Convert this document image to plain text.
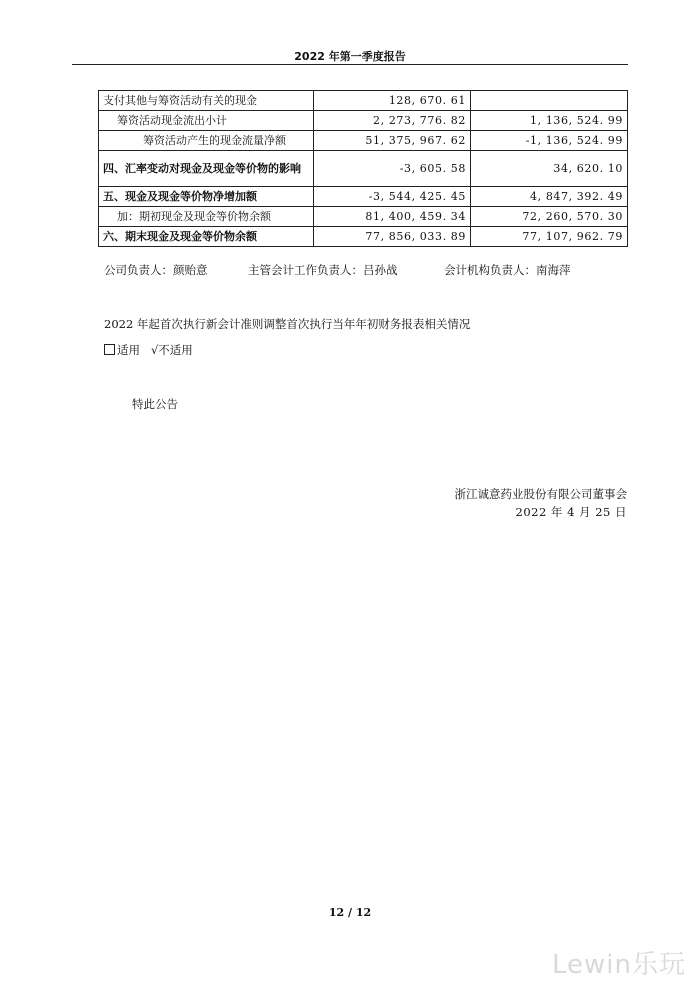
2022 年第一季度报告
支付其他与筹资活动有关的现金	128, 670. 61	
筹资活动现金流出小计	2, 273, 776. 82	1, 136, 524. 99
筹资活动产生的现金流量净额	51, 375, 967. 62	-1, 136, 524. 99
四、汇率变动对现金及现金等价物的影响	-3, 605. 58	34, 620. 10
五、现金及现金等价物净增加额	-3, 544, 425. 45	4, 847, 392. 49
加：期初现金及现金等价物余额	81, 400, 459. 34	72, 260, 570. 30
六、期末现金及现金等价物余额	77, 856, 033. 89	77, 107, 962. 79
公司负责人：颜贻意	主管会计工作负责人：吕孙战	会计机构负责人：南海萍
2022 年起首次执行新会计准则调整首次执行当年年初财务报表相关情况
适用 √不适用
特此公告
浙江诚意药业股份有限公司董事会
2022 年 4 月 25 日
12 / 12
Lewin乐玩
